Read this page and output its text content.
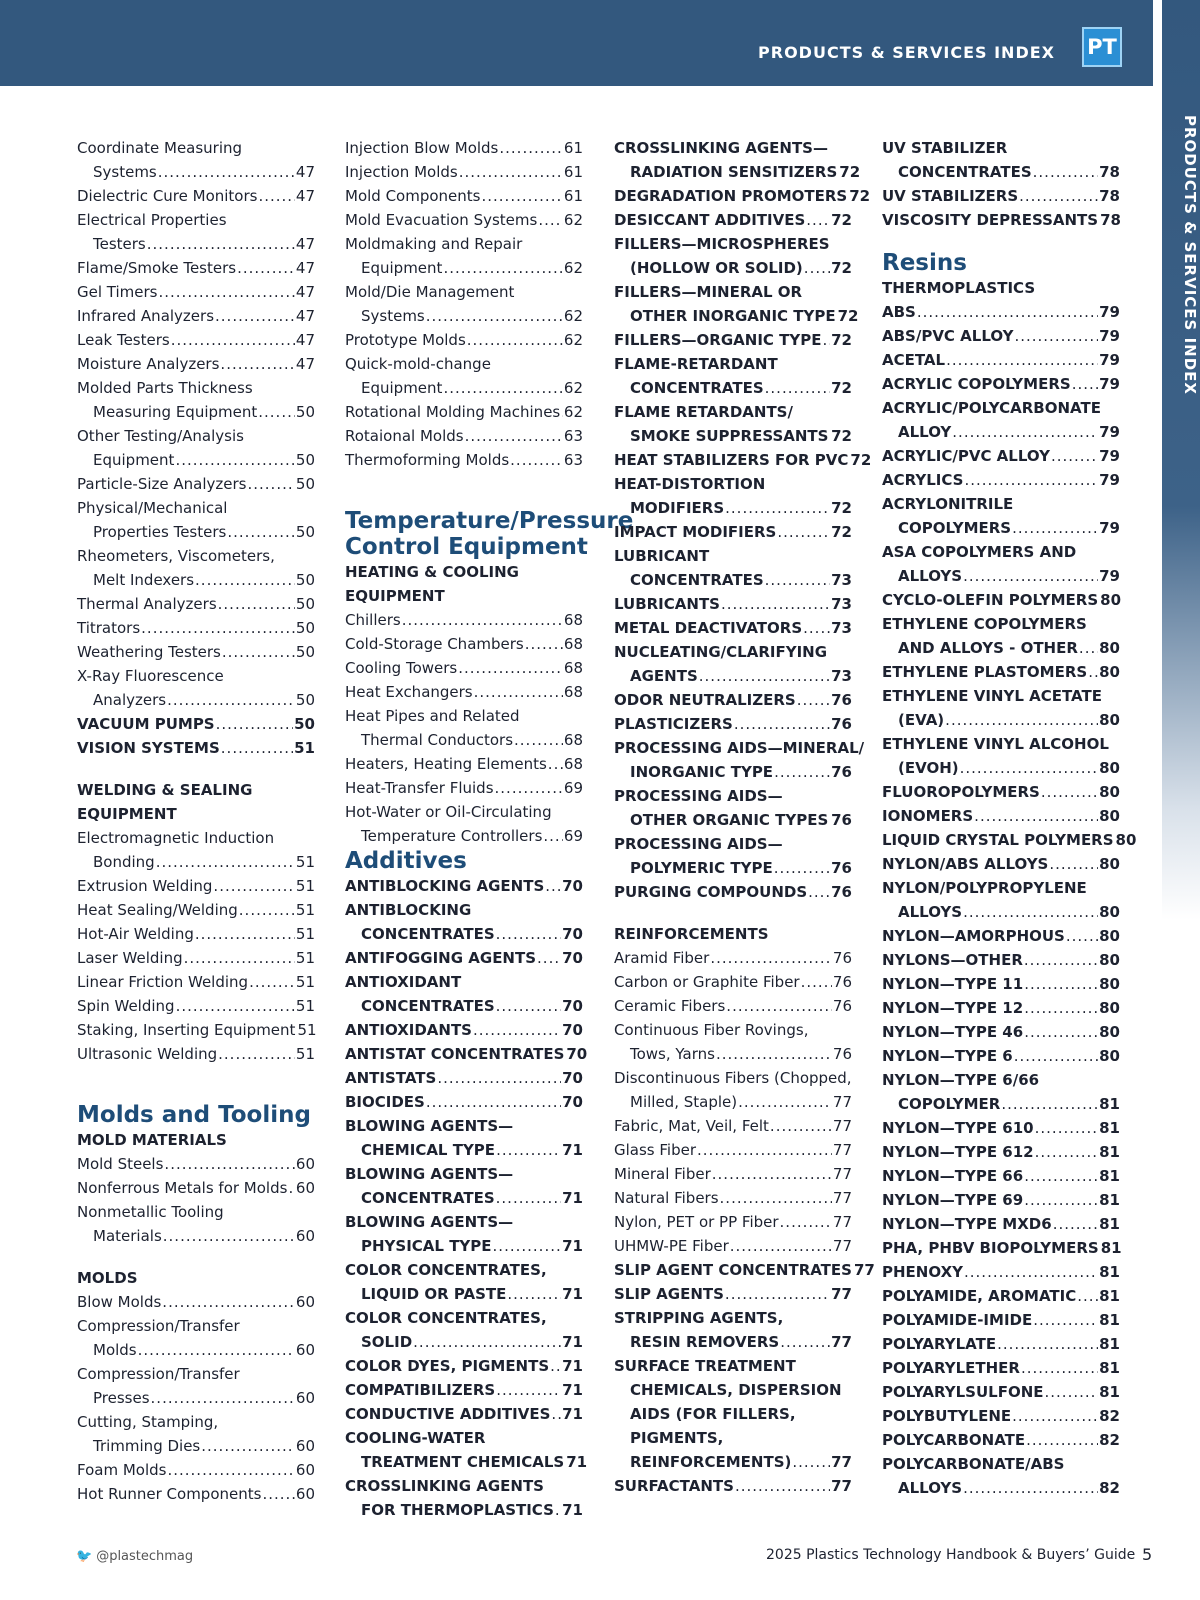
PRODUCTS & SERVICES INDEX PT
PRODUCTS & SERVICES INDEX
Coordinate Measuring
Systems .....	47
Dielectric Cure Monitors .....	47
Electrical Properties
Testers .....	47
Flame/Smoke Testers .....	47
Gel Timers .....	47
Infrared Analyzers .....	47
Leak Testers .....	47
Moisture Analyzers .....	47
Molded Parts Thickness
Measuring Equipment .....	50
Other Testing/Analysis
Equipment .....	50
Particle-Size Analyzers .....	50
Physical/Mechanical
Properties Testers .....	50
Rheometers, Viscometers,
Melt Indexers .....	50
Thermal Analyzers .....	50
Titrators .....	50
Weathering Testers .....	50
X-Ray Fluorescence
Analyzers .....	50
VACUUM PUMPS .....	50
VISION SYSTEMS .....	51
WELDING & SEALING
EQUIPMENT
Electromagnetic Induction
Bonding .....	51
Extrusion Welding .....	51
Heat Sealing/Welding .....	51
Hot-Air Welding .....	51
Laser Welding .....	51
Linear Friction Welding .....	51
Spin Welding .....	51
Staking, Inserting Equipment 51
Ultrasonic Welding .....	51
Molds and Tooling
MOLD MATERIALS
Mold Steels .....	60
Nonferrous Metals for Molds ..... 60
Nonmetallic Tooling
Materials .....	60
MOLDS
Blow Molds .....	60
Compression/Transfer
Molds .....	60
Compression/Transfer
Presses .....	60
Cutting, Stamping,
Trimming Dies .....	60
Foam Molds .....	60
Hot Runner Components ..... 60
Injection Blow Molds .....	61
Injection Molds .....	61
Mold Components .....	61
Mold Evacuation Systems ..... 62
Moldmaking and Repair
Equipment .....	62
Mold/Die Management
Systems .....	62
Prototype Molds .....	62
Quick-mold-change
Equipment .....	62
Rotational Molding Machines ..... 62
Rotaional Molds .....	63
Thermoforming Molds .....	63
Temperature/Pressure
Control Equipment
HEATING & COOLING
EQUIPMENT
Chillers .....	68
Cold-Storage Chambers .....	68
Cooling Towers .....	68
Heat Exchangers .....	68
Heat Pipes and Related
Thermal Conductors .....	68
Heaters, Heating Elements ..... 68
Heat-Transfer Fluids .....	69
Hot-Water or Oil-Circulating
Temperature Controllers ..... 69
Additives
ANTIBLOCKING AGENTS ..... 70
ANTIBLOCKING
CONCENTRATES .....	70
ANTIFOGGING AGENTS ..... 70
ANTIOXIDANT
CONCENTRATES .....	70
ANTIOXIDANTS .....	70
ANTISTAT CONCENTRATES 70
ANTISTATS .....	70
BIOCIDES .....	70
BLOWING AGENTS—
CHEMICAL TYPE .....	71
BLOWING AGENTS—
CONCENTRATES .....	71
BLOWING AGENTS—
PHYSICAL TYPE .....	71
COLOR CONCENTRATES,
LIQUID OR PASTE .....	71
COLOR CONCENTRATES,
SOLID .....	71
COLOR DYES, PIGMENTS ..... 71
COMPATIBILIZERS .....	71
CONDUCTIVE ADDITIVES ..... 71
COOLING-WATER
TREATMENT CHEMICALS 71
CROSSLINKING AGENTS
FOR THERMOPLASTICS ..... 71
CROSSLINKING AGENTS—
RADIATION SENSITIZERS 72
DEGRADATION PROMOTERS 72
DESICCANT ADDITIVES ..... 72
FILLERS—MICROSPHERES
(HOLLOW OR SOLID) ..... 72
FILLERS—MINERAL OR
OTHER INORGANIC TYPE 72
FILLERS—ORGANIC TYPE ..... 72
FLAME-RETARDANT
CONCENTRATES .....	72
FLAME RETARDANTS/
SMOKE SUPPRESSANTS ..... 72
HEAT STABILIZERS FOR PVC 72
HEAT-DISTORTION
MODIFIERS .....	72
IMPACT MODIFIERS .....	72
LUBRICANT
CONCENTRATES .....	73
LUBRICANTS .....	73
METAL DEACTIVATORS ..... 73
NUCLEATING/CLARIFYING
AGENTS .....	73
ODOR NEUTRALIZERS ..... 76
PLASTICIZERS .....	76
PROCESSING AIDS—MINERAL/
INORGANIC TYPE .....	76
PROCESSING AIDS—
OTHER ORGANIC TYPES ..... 76
PROCESSING AIDS—
POLYMERIC TYPE .....	76
PURGING COMPOUNDS ..... 76
REINFORCEMENTS
Aramid Fiber .....	76
Carbon or Graphite Fiber ..... 76
Ceramic Fibers .....	76
Continuous Fiber Rovings,
Tows, Yarns .....	76
Discontinuous Fibers (Chopped,
Milled, Staple) .....	77
Fabric, Mat, Veil, Felt .....	77
Glass Fiber .....	77
Mineral Fiber .....	77
Natural Fibers .....	77
Nylon, PET or PP Fiber .....	77
UHMW-PE Fiber .....	77
SLIP AGENT CONCENTRATES 77
SLIP AGENTS .....	77
STRIPPING AGENTS,
RESIN REMOVERS .....	77
SURFACE TREATMENT
CHEMICALS, DISPERSION
AIDS (FOR FILLERS,
PIGMENTS,
REINFORCEMENTS) .....	77
SURFACTANTS .....	77
UV STABILIZER
CONCENTRATES .....	78
UV STABILIZERS .....	78
VISCOSITY DEPRESSANTS 78
Resins
THERMOPLASTICS
ABS .....	79
ABS/PVC ALLOY .....	79
ACETAL .....	79
ACRYLIC COPOLYMERS ..... 79
ACRYLIC/POLYCARBONATE
ALLOY .....	79
ACRYLIC/PVC ALLOY .....	79
ACRYLICS .....	79
ACRYLONITRILE
COPOLYMERS .....	79
ASA COPOLYMERS AND
ALLOYS .....	79
CYCLO-OLEFIN POLYMERS 80
ETHYLENE COPOLYMERS
AND ALLOYS - OTHER ..... 80
ETHYLENE PLASTOMERS ..... 80
ETHYLENE VINYL ACETATE
(EVA) .....	80
ETHYLENE VINYL ALCOHOL
(EVOH) .....	80
FLUOROPOLYMERS .....	80
IONOMERS .....	80
LIQUID CRYSTAL POLYMERS 80
NYLON/ABS ALLOYS .....	80
NYLON/POLYPROPYLENE
ALLOYS .....	80
NYLON—AMORPHOUS ..... 80
NYLONS—OTHER .....	80
NYLON—TYPE 11 .....	80
NYLON—TYPE 12 .....	80
NYLON—TYPE 46 .....	80
NYLON—TYPE 6 .....	80
NYLON—TYPE 6/66
COPOLYMER .....	81
NYLON—TYPE 610 .....	81
NYLON—TYPE 612 .....	81
NYLON—TYPE 66 .....	81
NYLON—TYPE 69 .....	81
NYLON—TYPE MXD6 .....	81
PHA, PHBV BIOPOLYMERS 81
PHENOXY .....	81
POLYAMIDE, AROMATIC ..... 81
POLYAMIDE-IMIDE .....	81
POLYARYLATE .....	81
POLYARYLETHER .....	81
POLYARYLSULFONE .....	81
POLYBUTYLENE .....	82
POLYCARBONATE .....	82
POLYCARBONATE/ABS
ALLOYS .....	82
🐦 @plastechmag	2025 Plastics Technology Handbook & Buyers’ Guide 5
